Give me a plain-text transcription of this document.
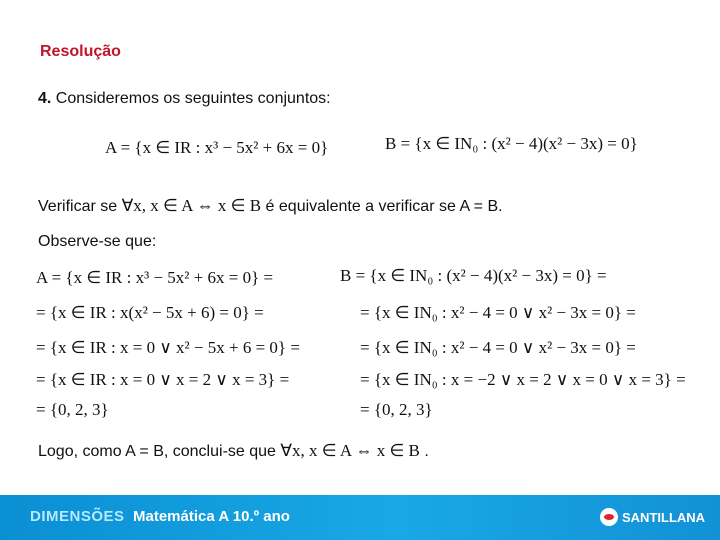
Resolução
4. Consideremos os seguintes conjuntos:
A = {x ∈ IR : x³ − 5x² + 6x = 0}	B = {x ∈ IN₀ : (x² − 4)(x² − 3x) = 0}
Verificar se ∀x, x ∈ A ⇔ x ∈ B é equivalente a verificar se A = B.
Observe-se que:
A = {x ∈ IR : x³ − 5x² + 6x = 0} =
= {x ∈ IR : x(x² − 5x + 6) = 0} =
= {x ∈ IR : x = 0 ∨ x² − 5x + 6 = 0} =
= {x ∈ IR : x = 0 ∨ x = 2 ∨ x = 3} =
= {0, 2, 3}
B = {x ∈ IN₀ : (x² − 4)(x² − 3x) = 0} =
= {x ∈ IN₀ : x² − 4 = 0 ∨ x² − 3x = 0} =
= {x ∈ IN₀ : x² − 4 = 0 ∨ x² − 3x = 0} =
= {x ∈ IN₀ : x = −2 ∨ x = 2 ∨ x = 0 ∨ x = 3} =
= {0, 2, 3}
Logo, como A = B, conclui-se que ∀x, x ∈ A ⇔ x ∈ B .
DIMENSÕES Matemática A 10.º ano	SANTILLANA
